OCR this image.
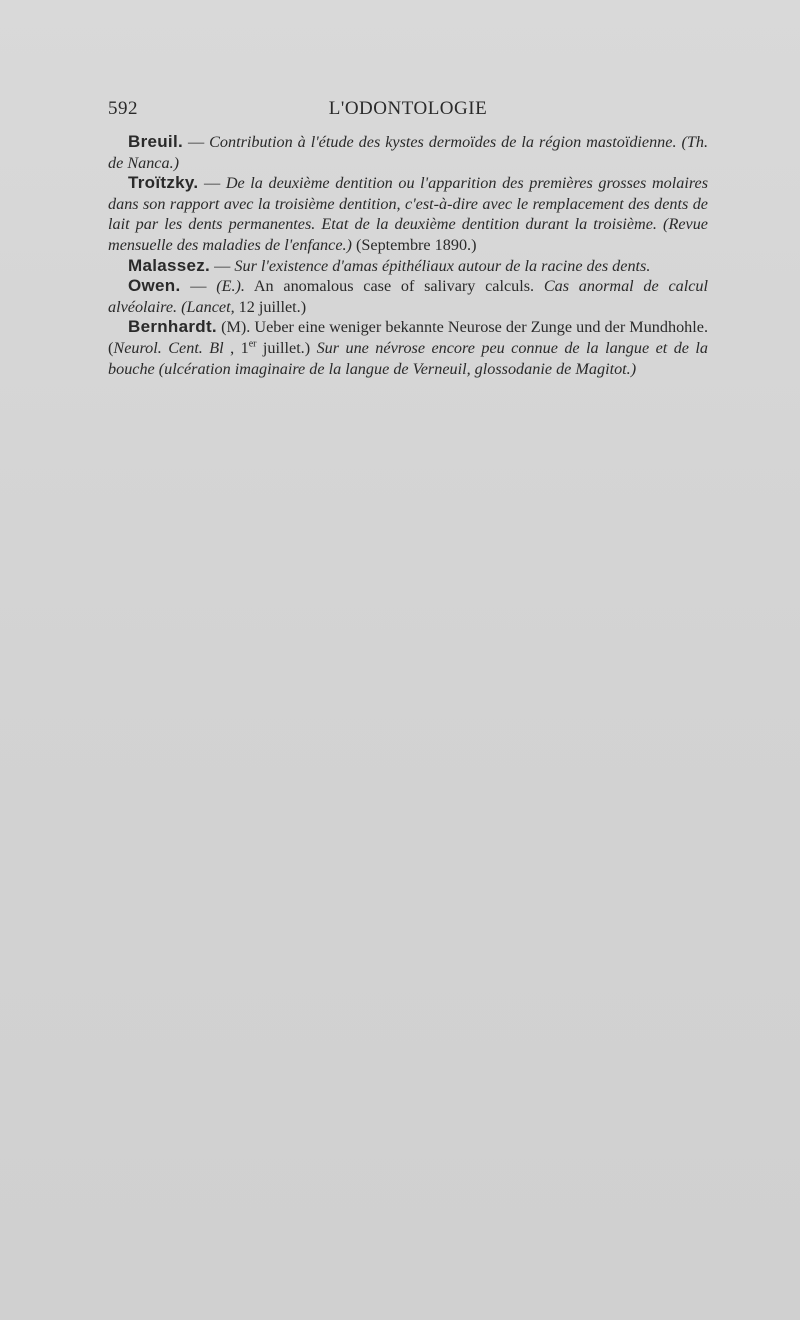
592	L'ODONTOLOGIE

Breuil. — Contribution à l'étude des kystes dermoïdes de la région mastoïdienne. (Th. de Nanca.)

Troïtzky. — De la deuxième dentition ou l'apparition des premières grosses molaires dans son rapport avec la troisième dentition, c'est-à-dire avec le remplacement des dents de lait par les dents permanentes. Etat de la deuxième dentition durant la troisième. (Revue mensuelle des maladies de l'enfance.) (Septembre 1890.)

Malassez. — Sur l'existence d'amas épithéliaux autour de la racine des dents.

Owen. — (E.). An anomalous case of salivary calculs. Cas anormal de calcul alvéolaire. (Lancet, 12 juillet.)

Bernhardt. (M). Ueber eine weniger bekannte Neurose der Zunge und der Mundhohle. (Neurol. Cent. Bl , 1er juillet.) Sur une névrose encore peu connue de la langue et de la bouche (ulcération imaginaire de la langue de Verneuil, glossodanie de Magitot.)
